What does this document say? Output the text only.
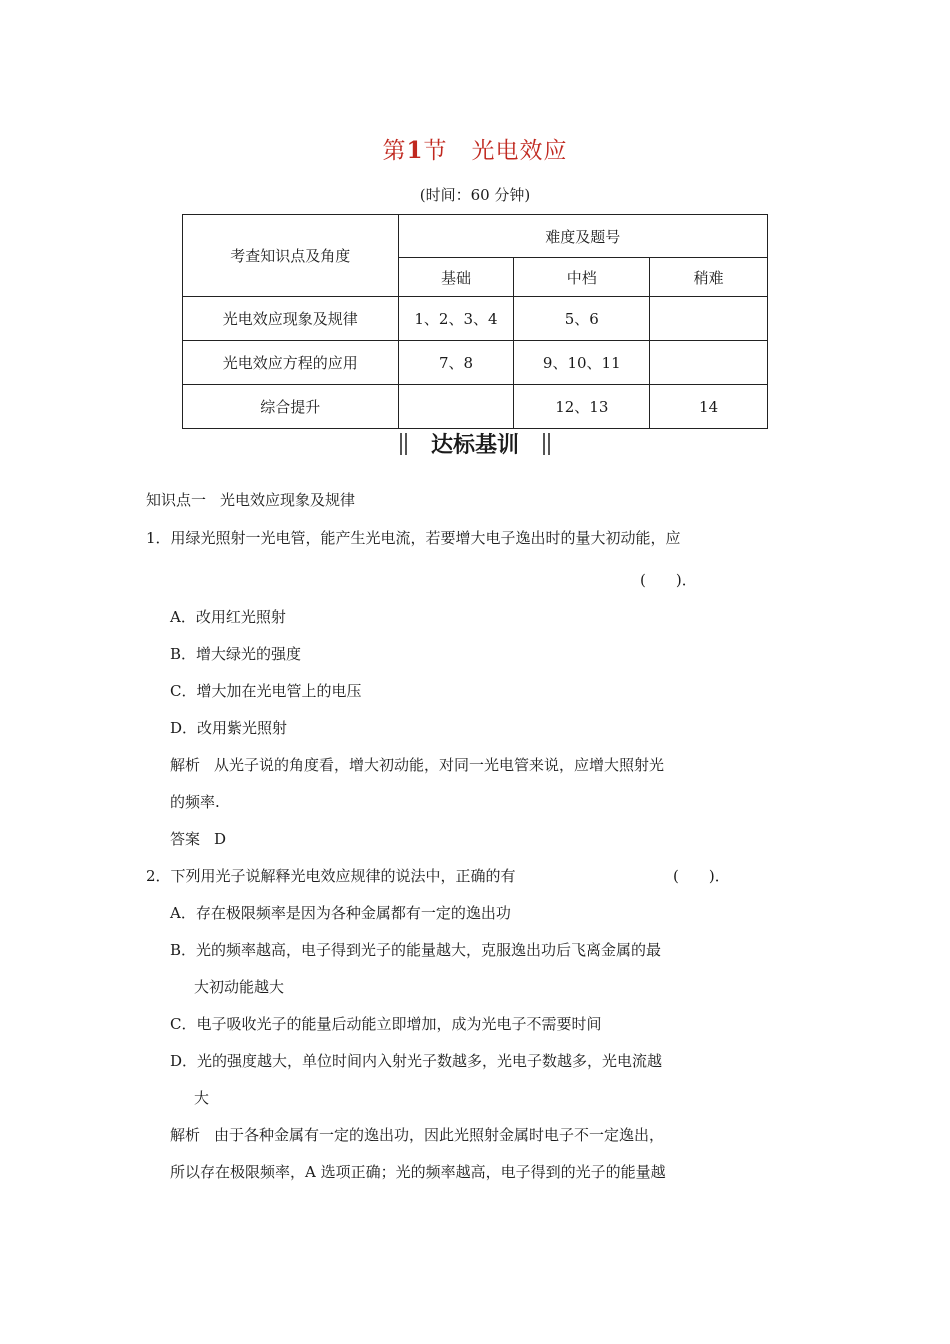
第1节 光电效应
(时间：60 分钟)
考查知识点及角度	难度及题号		
	基础	中档	稍难
光电效应现象及规律	1、2、3、4	5、6	
光电效应方程的应用	7、8	9、10、11	
综合提升		12、13	14
达标基训
知识点一 光电效应现象及规律
1．用绿光照射一光电管，能产生光电流，若要增大电子逸出时的量大初动能，应
(　　)．
A．改用红光照射
B．增大绿光的强度
C．增大加在光电管上的电压
D．改用紫光照射
解析 从光子说的角度看，增大初动能，对同一光电管来说，应增大照射光
的频率.
答案 D
2．下列用光子说解释光电效应规律的说法中，正确的有	(　　)．
A．存在极限频率是因为各种金属都有一定的逸出功
B．光的频率越高，电子得到光子的能量越大，克服逸出功后飞离金属的最
大初动能越大
C．电子吸收光子的能量后动能立即增加，成为光电子不需要时间
D．光的强度越大，单位时间内入射光子数越多，光电子数越多，光电流越
大
解析 由于各种金属有一定的逸出功，因此光照射金属时电子不一定逸出，
所以存在极限频率，A 选项正确；光的频率越高，电子得到的光子的能量越
